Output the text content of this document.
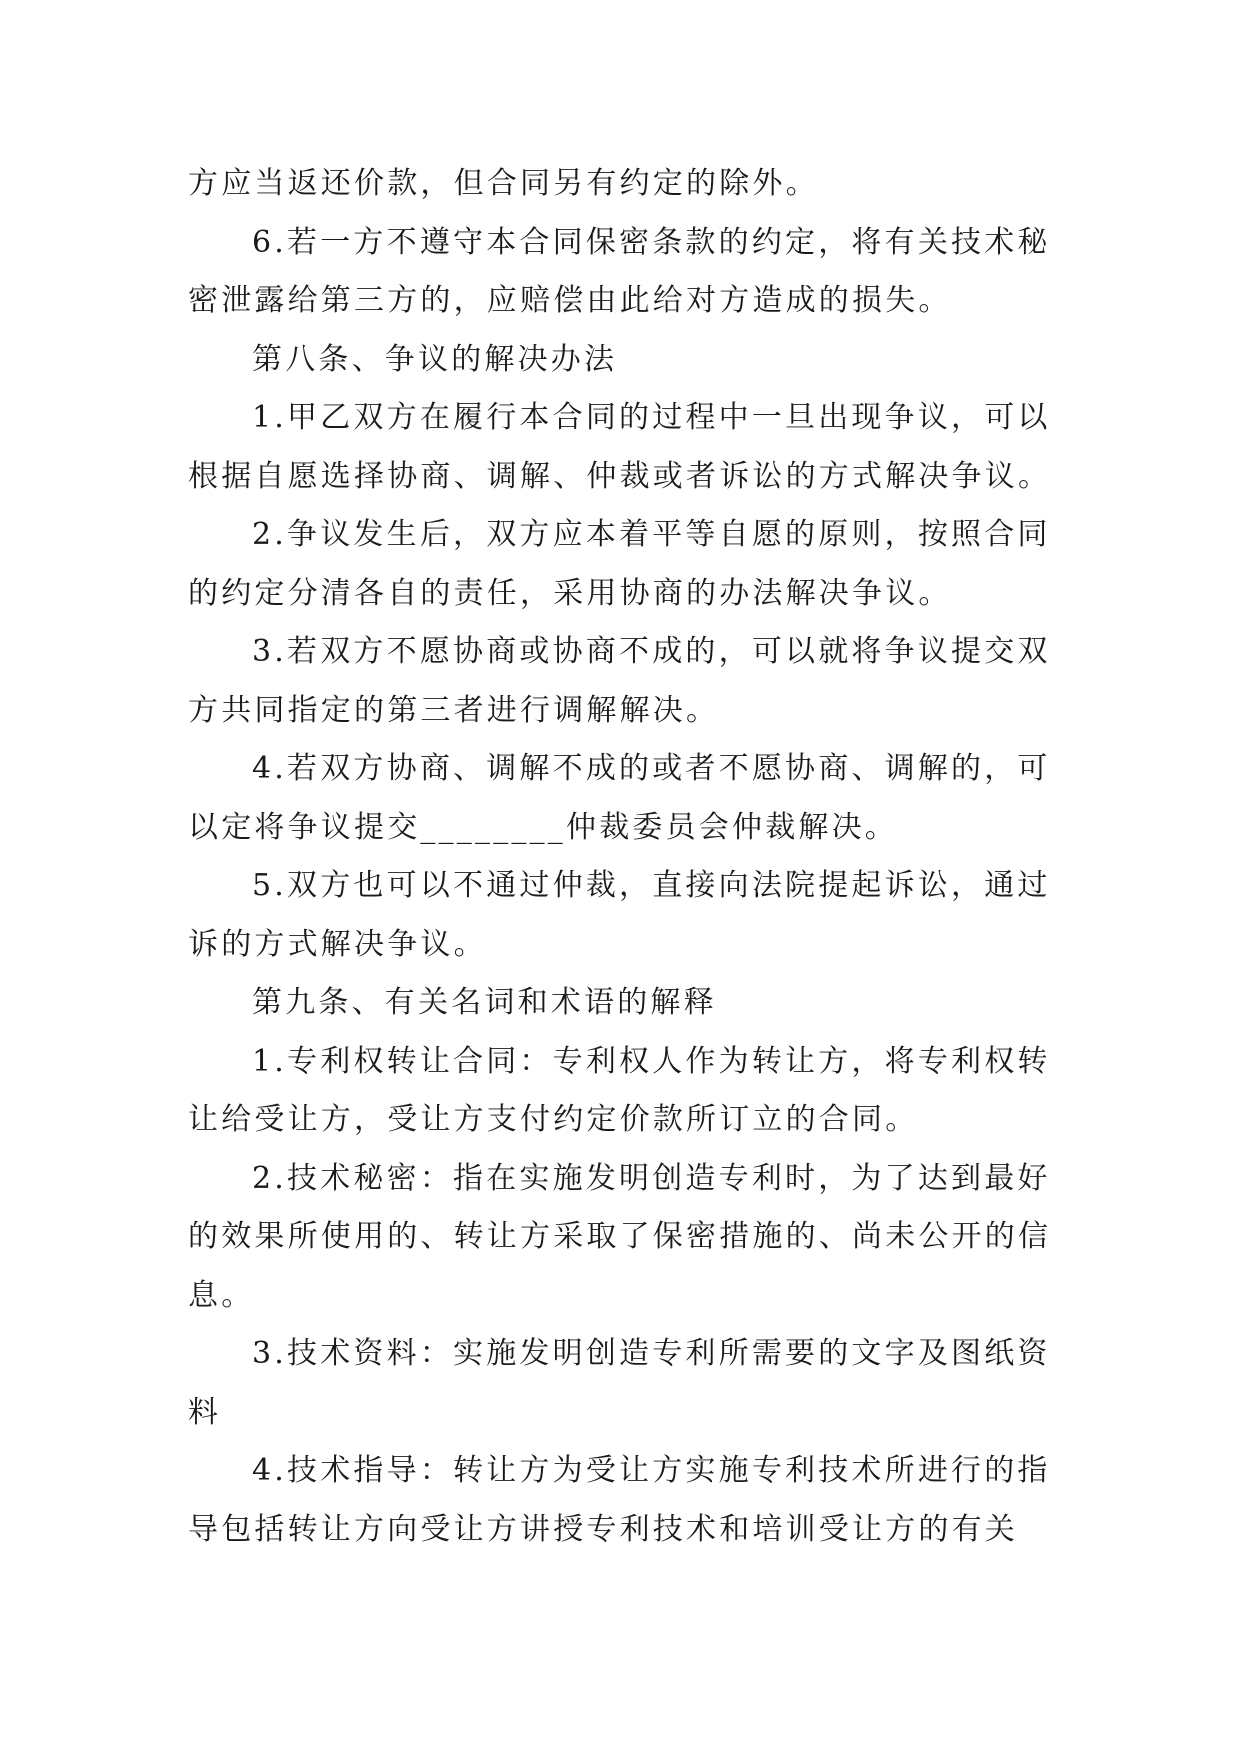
方应当返还价款，但合同另有约定的除外。
6.若一方不遵守本合同保密条款的约定，将有关技术秘
密泄露给第三方的，应赔偿由此给对方造成的损失。
第八条、争议的解决办法
1.甲乙双方在履行本合同的过程中一旦出现争议，可以
根据自愿选择协商、调解、仲裁或者诉讼的方式解决争议。
2.争议发生后，双方应本着平等自愿的原则，按照合同
的约定分清各自的责任，采用协商的办法解决争议。
3.若双方不愿协商或协商不成的，可以就将争议提交双
方共同指定的第三者进行调解解决。
4.若双方协商、调解不成的或者不愿协商、调解的，可
以定将争议提交________仲裁委员会仲裁解决。
5.双方也可以不通过仲裁，直接向法院提起诉讼，通过
诉的方式解决争议。
第九条、有关名词和术语的解释
1.专利权转让合同：专利权人作为转让方，将专利权转
让给受让方，受让方支付约定价款所订立的合同。
2.技术秘密：指在实施发明创造专利时，为了达到最好
的效果所使用的、转让方采取了保密措施的、尚未公开的信
息。
3.技术资料：实施发明创造专利所需要的文字及图纸资
料
4.技术指导：转让方为受让方实施专利技术所进行的指
导包括转让方向受让方讲授专利技术和培训受让方的有关
